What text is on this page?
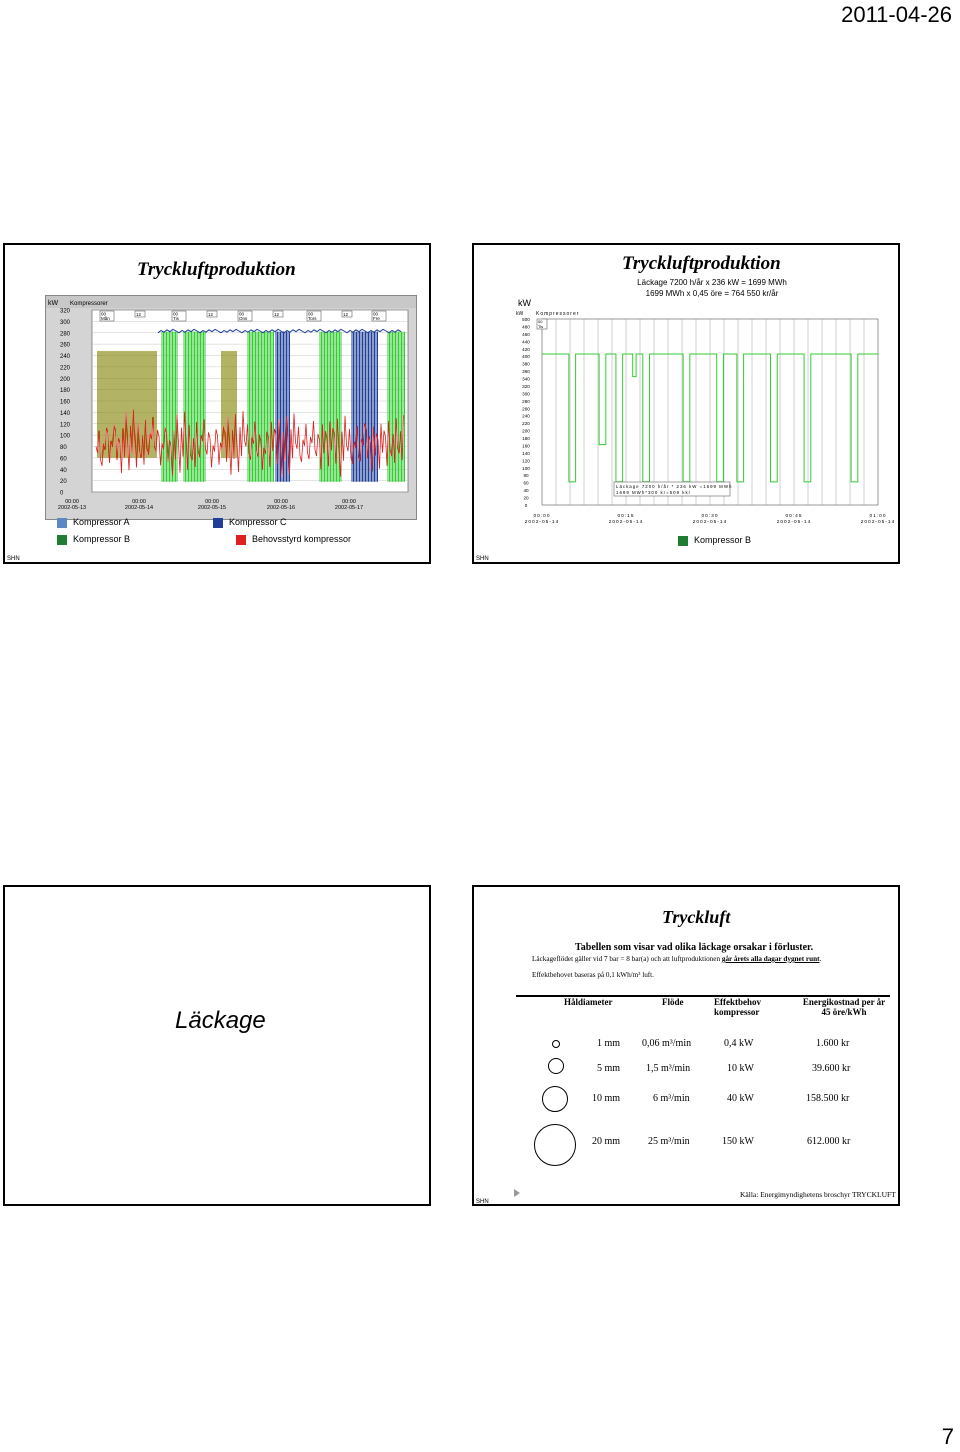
2011-04-26
Tryckluftproduktion
kW Kompressorer
320
300
280
260
240
220
200
180
160
140
120
100
80
60
40
20
0
00:00
2002-05-13
00:00
2002-05-14
00:00
2002-05-15
00:00
2002-05-16
00:00
2002-05-17
00
Mån
12	00
Tis
12	00
Ons
12	00
Tors
12	00
Fre
Kompressor A	Kompressor C
Kompressor B	Behovsstyrd kompressor
SHN
Tryckluftproduktion
Läckage 7200 h/år x 236 kW = 1699 MWh
1699 MWh x 0,45 öre = 764 550 kr/år
kW
kW	Kompressorer
500
480
460
440
420
400
380
360
340
320
300
280
260
240
220
200
180
160
140
120
100
80
60
40
20
0
00:00
2002-05-14
00:15
2002-05-14
00:30
2002-05-14
00:45
2002-05-14
01:00
2002-05-14
00
Tis
Läckage 7200 h/år * 236 kW =1699 MWh
1699 MWh*300 kr=509 kkr
Kompressor B
SHN
Läckage
Tryckluft
Tabellen som visar vad olika läckage orsakar i förluster.
Läckageflödet gäller vid 7 bar = 8 bar(a) och att luftproduktionen går årets alla dagar dygnet runt.
Effektbehovet baseras på 0,1 kWh/m³ luft.
Håldiameter	Flöde	Effektbehov kompressor
Energikostnad per år 45 öre/kWh
1 mm 0,06 m³/min	0,4 kW	1.600 kr
5 mm	1,5 m³/min	10 kW	39.600 kr
10 mm	6 m³/min	40 kW	158.500 kr
20 mm	25 m³/min	150 kW	612.000 kr
Källa: Energimyndighetens broschyr TRYCKLUFT
SHN
7
